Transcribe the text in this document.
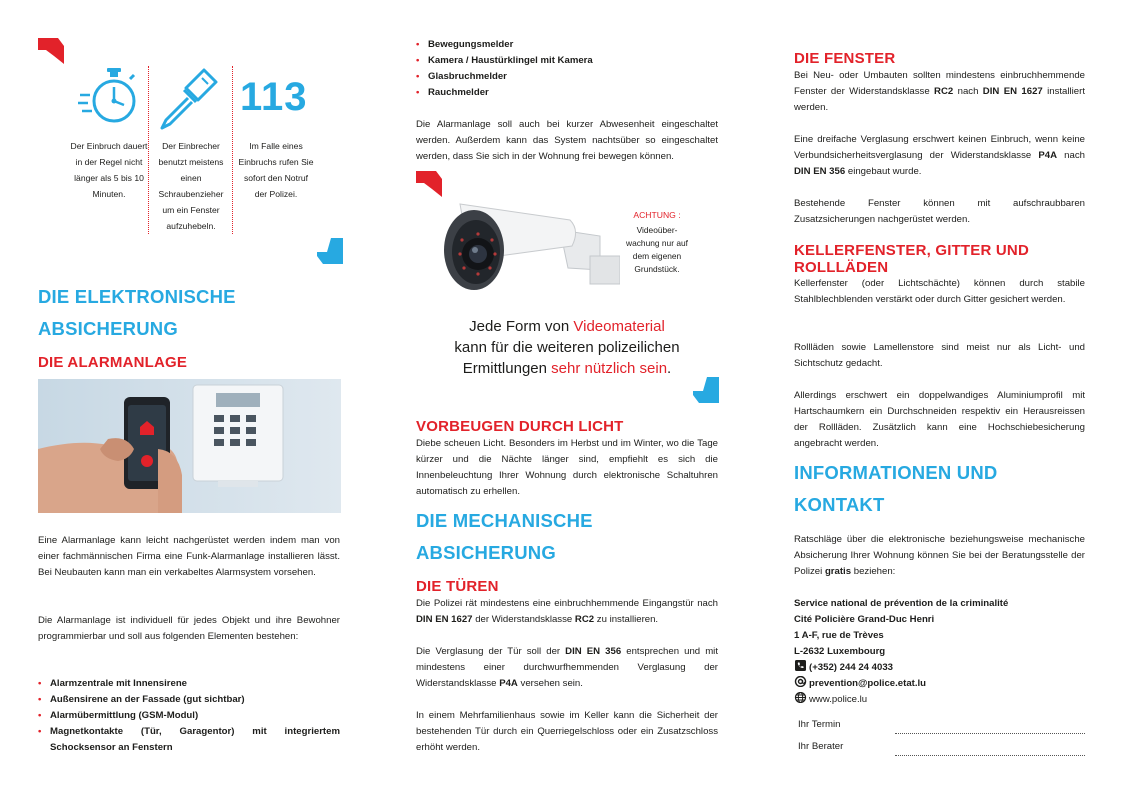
Der Einbruch dauert in der Regel nicht länger als 5 bis 10 Minuten.
Der Einbrecher benutzt meistens einen Schraubenzieher um ein Fenster aufzuhebeln.
113
Im Falle eines Einbruchs rufen Sie sofort den Notruf der Polizei.

DIE ELEKTRONISCHE

ABSICHERUNG

DIE ALARMANLAGE

Eine Alarmanlage kann leicht nachgerüstet werden indem man von einer fachmännischen Firma eine Funk-Alarmanlage installieren lässt. Bei Neubauten kann man ein verkabeltes Alarmsystem vorsehen.

Die Alarmanlage ist individuell für jedes Objekt und ihre Bewohner programmierbar und soll aus folgenden Elementen bestehen:

• Alarmzentrale mit Innensirene
• Außensirene an der Fassade (gut sichtbar)
• Alarmübermittlung (GSM-Modul)
• Magnetkontakte (Tür, Garagentor) mit integriertem Schocksensor an Fenstern
• Bewegungsmelder
• Kamera / Haustürklingel mit Kamera
• Glasbruchmelder
• Rauchmelder

Die Alarmanlage soll auch bei kurzer Abwesenheit eingeschaltet werden. Außerdem kann das System nachtsüber so eingeschaltet werden, dass Sie sich in der Wohnung frei bewegen können.

ACHTUNG :
Videoüber-wachung nur auf dem eigenen Grundstück.
Jede Form von Videomaterial
kann für die weiteren polizeilichen
Ermittlungen sehr nützlich sein.

VORBEUGEN DURCH LICHT

Diebe scheuen Licht. Besonders im Herbst und im Winter, wo die Tage kürzer und die Nächte länger sind, empfiehlt es sich die Innenbeleuchtung Ihrer Wohnung durch elektronische Schaltuhren automatisch zu erhellen.

DIE MECHANISCHE

ABSICHERUNG

DIE TÜREN

Die Polizei rät mindestens eine einbruchhemmende Eingangstür nach DIN EN 1627 der Widerstandsklasse RC2 zu installieren.

Die Verglasung der Tür soll der DIN EN 356 entsprechen und mit mindestens einer durchwurfhemmenden Verglasung der Widerstandsklasse P4A versehen sein.

In einem Mehrfamilienhaus sowie im Keller kann die Sicherheit der bestehenden Tür durch ein Querriegelschloss oder ein Zusatzschloss erhöht werden.

DIE FENSTER

Bei Neu- oder Umbauten sollten mindestens einbruchhemmende Fenster der Widerstandsklasse RC2 nach DIN EN 1627 installiert werden.

Eine dreifache Verglasung erschwert keinen Einbruch, wenn keine Verbundsicherheitsverglasung der Widerstandsklasse P4A nach DIN EN 356 eingebaut wurde.

Bestehende Fenster können mit aufschraubbaren Zusatzsicherungen nachgerüstet werden.

KELLERFENSTER, GITTER UND

ROLLLÄDEN

Kellerfenster (oder Lichtschächte) können durch stabile Stahlblechblenden verstärkt oder durch Gitter gesichert werden.

Rollläden sowie Lamellenstore sind meist nur als Licht- und Sichtschutz gedacht.

Allerdings erschwert ein doppelwandiges Aluminiumprofil mit Hartschaumkern ein Durchschneiden respektiv ein Herausreissen der Rollläden. Zusätzlich kann eine Hochschiebesicherung angebracht werden.

INFORMATIONEN UND

KONTAKT

Ratschläge über die elektronische beziehungsweise mechanische Absicherung Ihrer Wohnung können Sie bei der Beratungsstelle der Polizei gratis beziehen:

Service national de prévention de la criminalité
Cité Policière Grand-Duc Henri
1 A-F, rue de Trèves
L-2632 Luxembourg
(+352) 244 24 4033
prevention@police.etat.lu
www.police.lu
Ihr Termin
Ihr Berater
